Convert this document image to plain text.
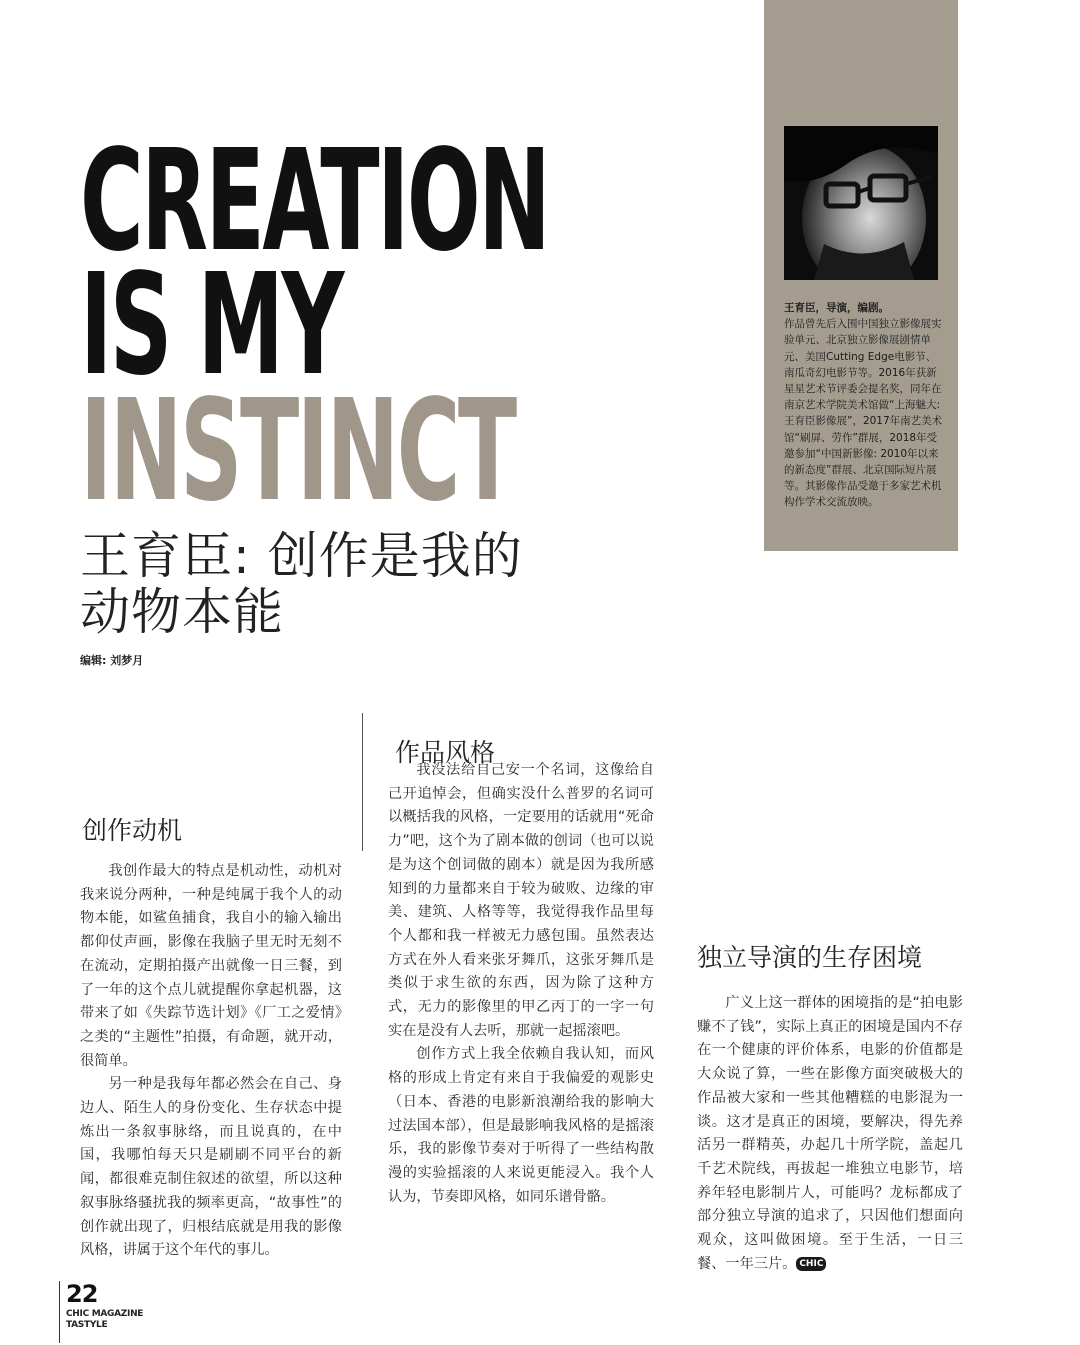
CREATION
IS MY
INSTINCT
王育臣: 创作是我的
动物本能
编辑: 刘梦月
王育臣，导演，编剧。
作品曾先后入围中国独立影像展实验单元、北京独立影像展剧情单元、美国Cutting Edge电影节、南瓜奇幻电影节等。2016年获新星星艺术节评委会提名奖，同年在南京艺术学院美术馆做“上海魅大: 王育臣影像展”，2017年南艺美术馆“刷屏、劳作”群展，2018年受邀参加“中国新影像: 2010年以来的新态度”群展、北京国际短片展等。其影像作品受邀于多家艺术机构作学术交流放映。
创作动机
作品风格
独立导演的生存困境

我创作最大的特点是机动性，动机对我来说分两种，一种是纯属于我个人的动物本能，如鲨鱼捕食，我自小的输入输出都仰仗声画，影像在我脑子里无时无刻不在流动，定期拍摄产出就像一日三餐，到了一年的这个点儿就提醒你拿起机器，这带来了如《失踪节选计划》《厂工之爱情》之类的“主题性”拍摄，有命题，就开动，很简单。

另一种是我每年都必然会在自己、身边人、陌生人的身份变化、生存状态中提炼出一条叙事脉络，而且说真的，在中国，我哪怕每天只是刷刷不同平台的新闻，都很难克制住叙述的欲望，所以这种叙事脉络骚扰我的频率更高，“故事性”的创作就出现了，归根结底就是用我的影像风格，讲属于这个年代的事儿。

我没法给自己安一个名词，这像给自己开追悼会，但确实没什么普罗的名词可以概括我的风格，一定要用的话就用“死命力”吧，这个为了剧本做的创词（也可以说是为这个创词做的剧本）就是因为我所感知到的力量都来自于较为破败、边缘的审美、建筑、人格等等，我觉得我作品里每个人都和我一样被无力感包围。虽然表达方式在外人看来张牙舞爪，这张牙舞爪是类似于求生欲的东西，因为除了这种方式，无力的影像里的甲乙丙丁的一字一句实在是没有人去听，那就一起摇滚吧。

创作方式上我全依赖自我认知，而风格的形成上肯定有来自于我偏爱的观影史（日本、香港的电影新浪潮给我的影响大过法国本部），但是最影响我风格的是摇滚乐，我的影像节奏对于听得了一些结构散漫的实验摇滚的人来说更能浸入。我个人认为，节奏即风格，如同乐谱骨骼。

广义上这一群体的困境指的是“拍电影赚不了钱”，实际上真正的困境是国内不存在一个健康的评价体系，电影的价值都是大众说了算，一些在影像方面突破极大的作品被大家和一些其他糟糕的电影混为一谈。这才是真正的困境，要解决，得先养活另一群精英，办起几十所学院，盖起几千艺术院线，再拔起一堆独立电影节，培养年轻电影制片人，可能吗？龙标都成了部分独立导演的追求了，只因他们想面向观众，这叫做困境。至于生活，一日三餐、一年三片。 CHIC

22
CHIC MAGAZINE
TASTYLE
